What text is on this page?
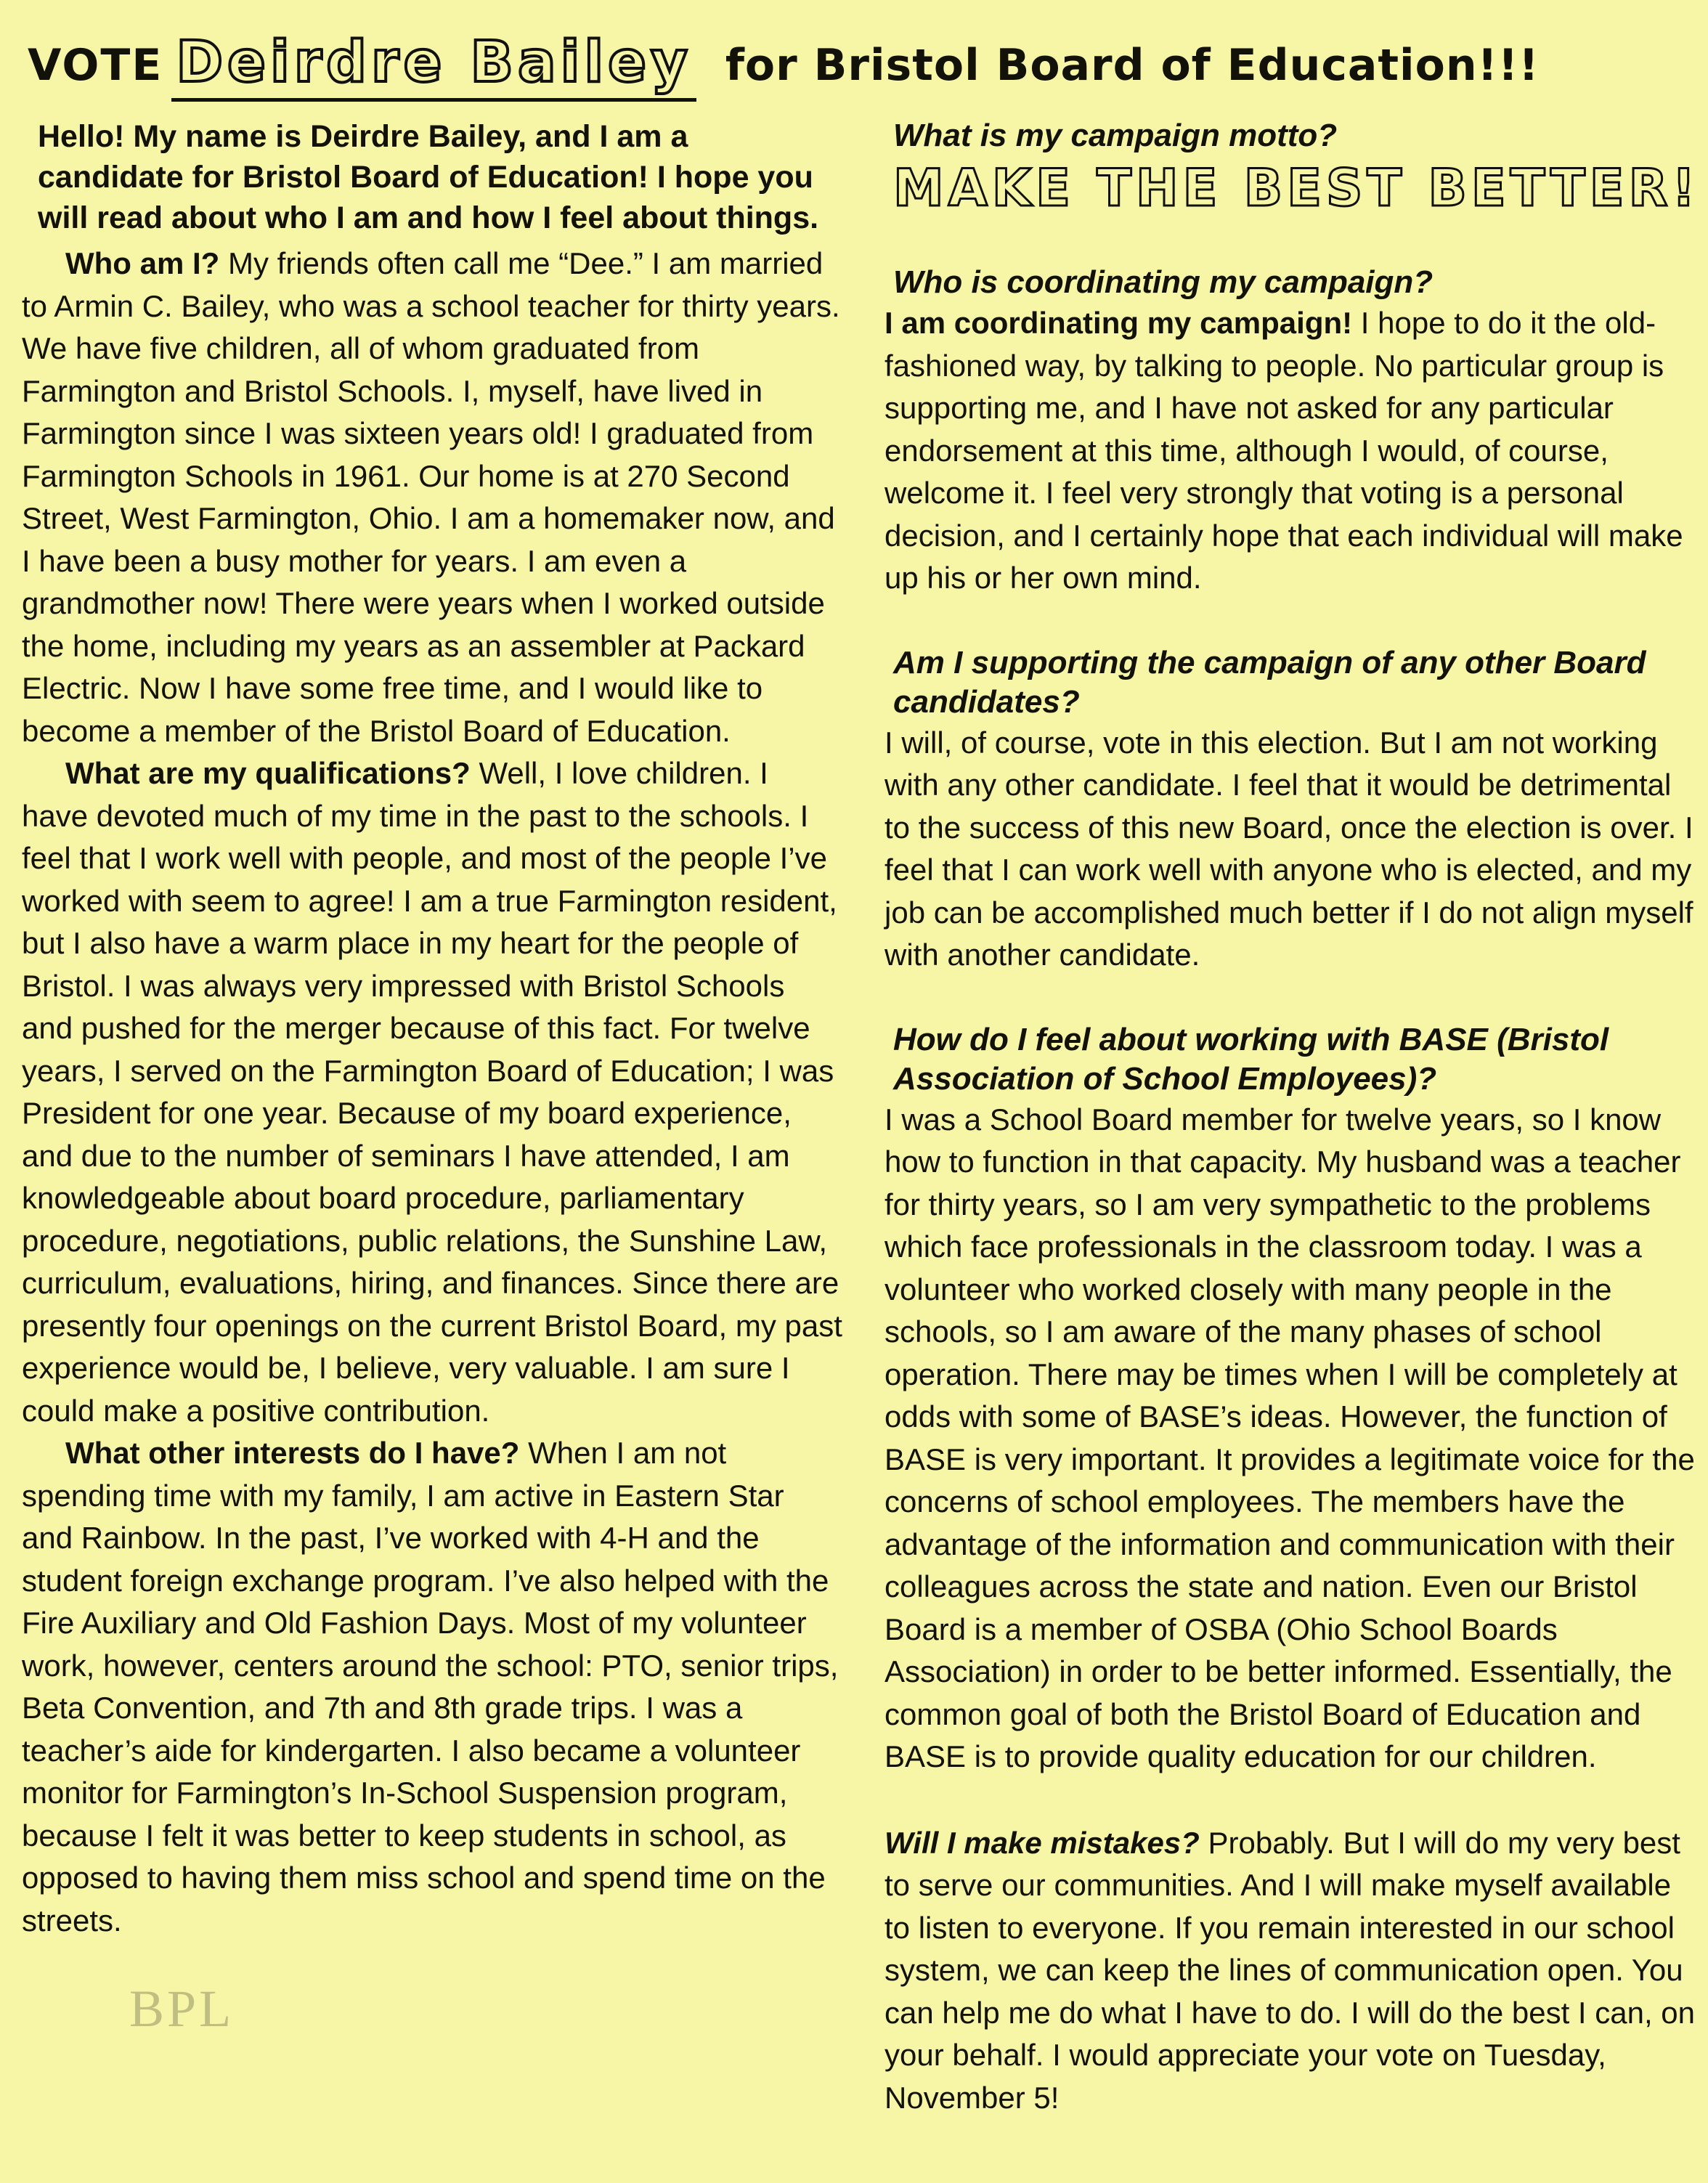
VOTE Deirdre Bailey for Bristol Board of Education!!!
Hello! My name is Deirdre Bailey, and I am a candidate for Bristol Board of Education! I hope you will read about who I am and how I feel about things.

Who am I? My friends often call me “Dee.” I am married to Armin C. Bailey, who was a school teacher for thirty years. We have five children, all of whom graduated from Farmington and Bristol Schools. I, myself, have lived in Farmington since I was sixteen years old! I graduated from Farmington Schools in 1961. Our home is at 270 Second Street, West Farmington, Ohio. I am a homemaker now, and I have been a busy mother for years. I am even a grandmother now! There were years when I worked outside the home, including my years as an assembler at Packard Electric. Now I have some free time, and I would like to become a member of the Bristol Board of Education.

What are my qualifications? Well, I love children. I have devoted much of my time in the past to the schools. I feel that I work well with people, and most of the people I’ve worked with seem to agree! I am a true Farmington resident, but I also have a warm place in my heart for the people of Bristol. I was always very impressed with Bristol Schools and pushed for the merger because of this fact. For twelve years, I served on the Farmington Board of Education; I was President for one year. Because of my board experience, and due to the number of seminars I have attended, I am knowledgeable about board procedure, parliamentary procedure, negotiations, public relations, the Sunshine Law, curriculum, evaluations, hiring, and finances. Since there are presently four openings on the current Bristol Board, my past experience would be, I believe, very valuable. I am sure I could make a positive contribution.

What other interests do I have? When I am not spending time with my family, I am active in Eastern Star and Rainbow. In the past, I’ve worked with 4-H and the student foreign exchange program. I’ve also helped with the Fire Auxiliary and Old Fashion Days. Most of my volunteer work, however, centers around the school: PTO, senior trips, Beta Convention, and 7th and 8th grade trips. I was a teacher’s aide for kindergarten. I also became a volunteer monitor for Farmington’s In-School Suspension program, because I felt it was better to keep students in school, as opposed to having them miss school and spend time on the streets.

What is my campaign motto?

MAKE THE BEST BETTER!

Who is coordinating my campaign?

I am coordinating my campaign! I hope to do it the old-fashioned way, by talking to people. No particular group is supporting me, and I have not asked for any particular endorsement at this time, although I would, of course, welcome it. I feel very strongly that voting is a personal decision, and I certainly hope that each individual will make up his or her own mind.

Am I supporting the campaign of any other Board candidates?

I will, of course, vote in this election. But I am not working with any other candidate. I feel that it would be detrimental to the success of this new Board, once the election is over. I feel that I can work well with anyone who is elected, and my job can be accomplished much better if I do not align myself with another candidate.

How do I feel about working with BASE (Bristol Association of School Employees)?

I was a School Board member for twelve years, so I know how to function in that capacity. My husband was a teacher for thirty years, so I am very sympathetic to the problems which face professionals in the classroom today. I was a volunteer who worked closely with many people in the schools, so I am aware of the many phases of school operation. There may be times when I will be completely at odds with some of BASE’s ideas. However, the function of BASE is very important. It provides a legitimate voice for the concerns of school employees. The members have the advantage of the information and communication with their colleagues across the state and nation. Even our Bristol Board is a member of OSBA (Ohio School Boards Association) in order to be better informed. Essentially, the common goal of both the Bristol Board of Education and BASE is to provide quality education for our children.

Will I make mistakes? Probably. But I will do my very best to serve our communities. And I will make myself available to listen to everyone. If you remain interested in our school system, we can keep the lines of communication open. You can help me do what I have to do. I will do the best I can, on your behalf. I would appreciate your vote on Tuesday, November 5!

BPL
